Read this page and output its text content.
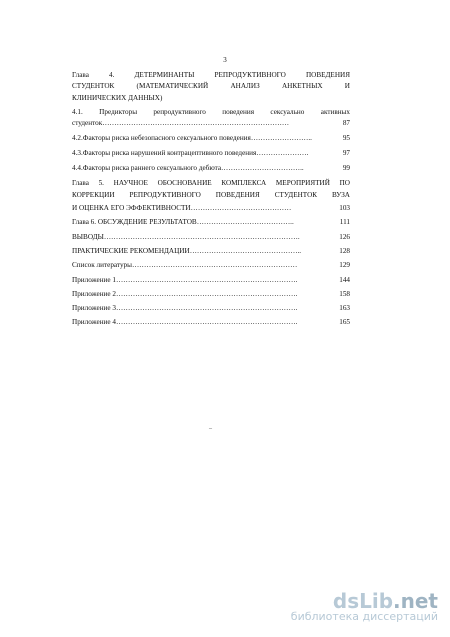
3
Глава 4. ДЕТЕРМИНАНТЫ РЕПРОДУКТИВНОГО ПОВЕДЕНИЯ
СТУДЕНТОК (МАТЕМАТИЧЕСКИЙ АНАЛИЗ АНКЕТНЫХ И
КЛИНИЧЕСКИХ ДАННЫХ)
4.1. Предикторы репродуктивного поведения сексуально активных
студенток……………………………………………………………………	87
4.2.Факторы риска небезопасного сексуального поведения……………………..	95
4.3.Факторы риска нарушений контрацептивного поведения………………….	97
4.4.Факторы риска раннего сексуального дебюта……………………………..	99
Глава 5. НАУЧНОЕ ОБОСНОВАНИЕ КОМПЛЕКСА МЕРОПРИЯТИЙ ПО
КОРРЕКЦИИ РЕПРОДУКТИВНОГО ПОВЕДЕНИЯ СТУДЕНТОК ВУЗА
И ОЦЕНКА ЕГО ЭФФЕКТИВНОСТИ……………………………………	103
Глава 6. ОБСУЖДЕНИЕ РЕЗУЛЬТАТОВ…………………………………..	111
ВЫВОДЫ……………………………………………………………………….	126
ПРАКТИЧЕСКИЕ РЕКОМЕНДАЦИИ………………………………………..	128
Список литературы……………………………………………………………	129
Приложение 1………………………………………………………………….	144
Приложение 2………………………………………………………………….	158
Приложение 3………………………………………………………………….	163
Приложение 4………………………………………………………………….	165
_
dsLib.net
библиотека диссертаций
